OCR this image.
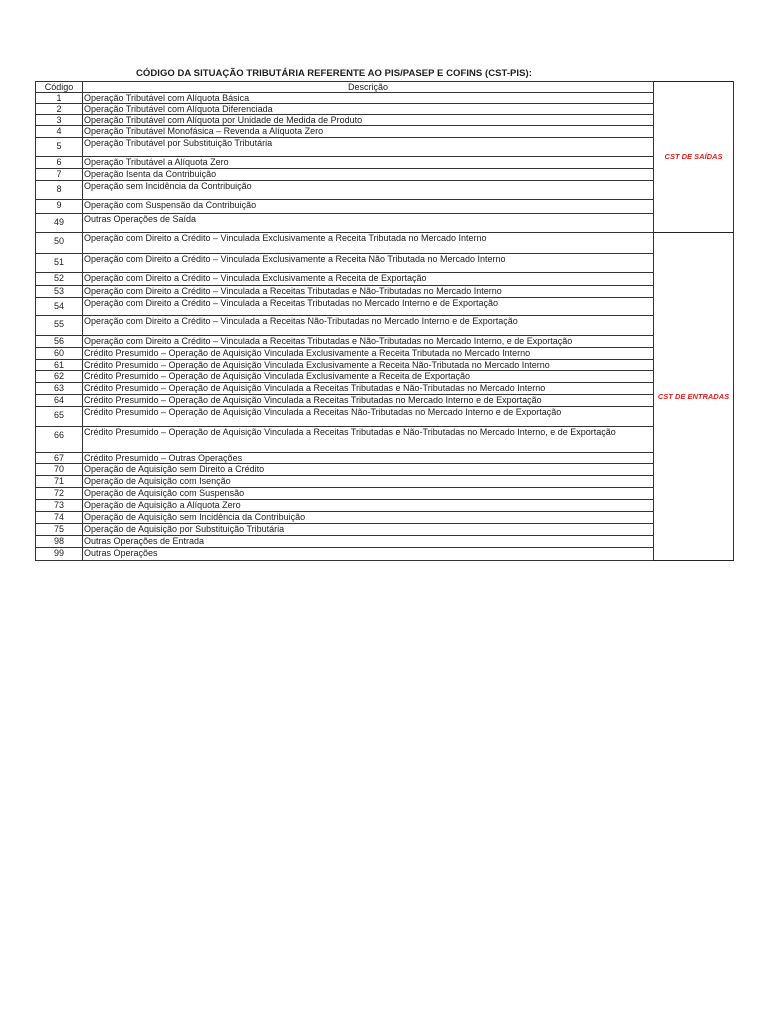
CÓDIGO DA SITUAÇÃO TRIBUTÁRIA REFERENTE AO PIS/PASEP E COFINS (CST-PIS):
Código	Descrição	CST DE SAÍDAS
1	Operação Tributável com Alíquota Básica	
2	Operação Tributável com Alíquota Diferenciada	
3	Operação Tributável com Alíquota por Unidade de Medida de Produto	
4	Operação Tributável Monofásica – Revenda a Alíquota Zero	
5	Operação Tributável por Substituição Tributária	
6	Operação Tributável a Alíquota Zero	
7	Operação Isenta da Contribuição	
8	Operação sem Incidência da Contribuição	
9	Operação com Suspensão da Contribuição	
49	Outras Operações de Saída	
50	Operação com Direito a Crédito – Vinculada Exclusivamente a Receita Tributada no Mercado Interno	CST DE ENTRADAS
51	Operação com Direito a Crédito – Vinculada Exclusivamente a Receita Não Tributada no Mercado Interno	
52	Operação com Direito a Crédito – Vinculada Exclusivamente a Receita de Exportação	
53	Operação com Direito a Crédito – Vinculada a Receitas Tributadas e Não-Tributadas no Mercado Interno	
54	Operação com Direito a Crédito – Vinculada a Receitas Tributadas no Mercado Interno e de Exportação	
55	Operação com Direito a Crédito – Vinculada a Receitas Não-Tributadas no Mercado Interno e de Exportação	
56	Operação com Direito a Crédito – Vinculada a Receitas Tributadas e Não-Tributadas no Mercado Interno, e de Exportação	
60	Crédito Presumido – Operação de Aquisição Vinculada Exclusivamente a Receita Tributada no Mercado Interno	
61	Crédito Presumido – Operação de Aquisição Vinculada Exclusivamente a Receita Não-Tributada no Mercado Interno	
62	Crédito Presumido – Operação de Aquisição Vinculada Exclusivamente a Receita de Exportação	
63	Crédito Presumido – Operação de Aquisição Vinculada a Receitas Tributadas e Não-Tributadas no Mercado Interno	
64	Crédito Presumido – Operação de Aquisição Vinculada a Receitas Tributadas no Mercado Interno e de Exportação	
65	Crédito Presumido – Operação de Aquisição Vinculada a Receitas Não-Tributadas no Mercado Interno e de Exportação	
66	Crédito Presumido – Operação de Aquisição Vinculada a Receitas Tributadas e Não-Tributadas no Mercado Interno, e de Exportação	
67	Crédito Presumido – Outras Operações	
70	Operação de Aquisição sem Direito a Crédito	
71	Operação de Aquisição com Isenção	
72	Operação de Aquisição com Suspensão	
73	Operação de Aquisição a Alíquota Zero	
74	Operação de Aquisição sem Incidência da Contribuição	
75	Operação de Aquisição por Substituição Tributária	
98	Outras Operações de Entrada	
99	Outras Operações	
